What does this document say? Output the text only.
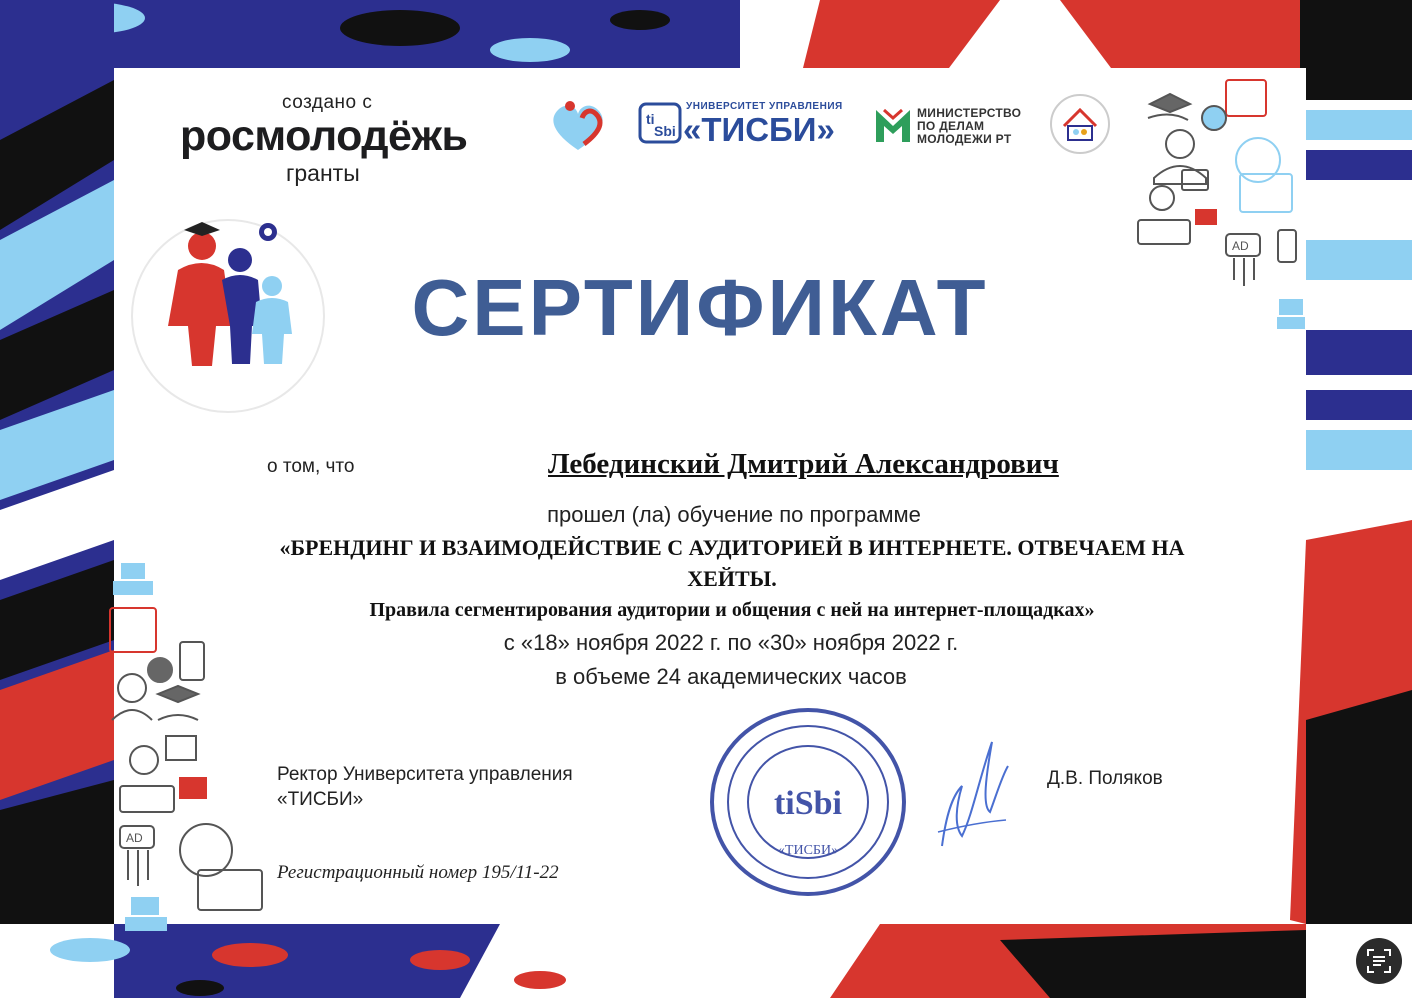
создано с
росмолодёжь
гранты
ti
Sbi
УНИВЕРСИТЕТ УПРАВЛЕНИЯ
«ТИСБИ»	МИНИСТЕРСТВО
ПО ДЕЛАМ
МОЛОДЕЖИ РТ
AD
AD
СЕРТИФИКАТ
о том, что	Лебединский Дмитрий Александрович
прошел (ла) обучение по программе
«БРЕНДИНГ И ВЗАИМОДЕЙСТВИЕ С АУДИТОРИЕЙ В ИНТЕРНЕТЕ. ОТВЕЧАЕМ НА
ХЕЙТЫ.
Правила сегментирования аудитории и общения с ней на интернет-площадках»
с «18» ноября 2022 г. по «30» ноября 2022 г.
в объеме 24 академических часов
Ректор Университета управления
«ТИСБИ»	tiSbi
«ТИСБИ»
Д.В. Поляков
Регистрационный номер 195/11-22
